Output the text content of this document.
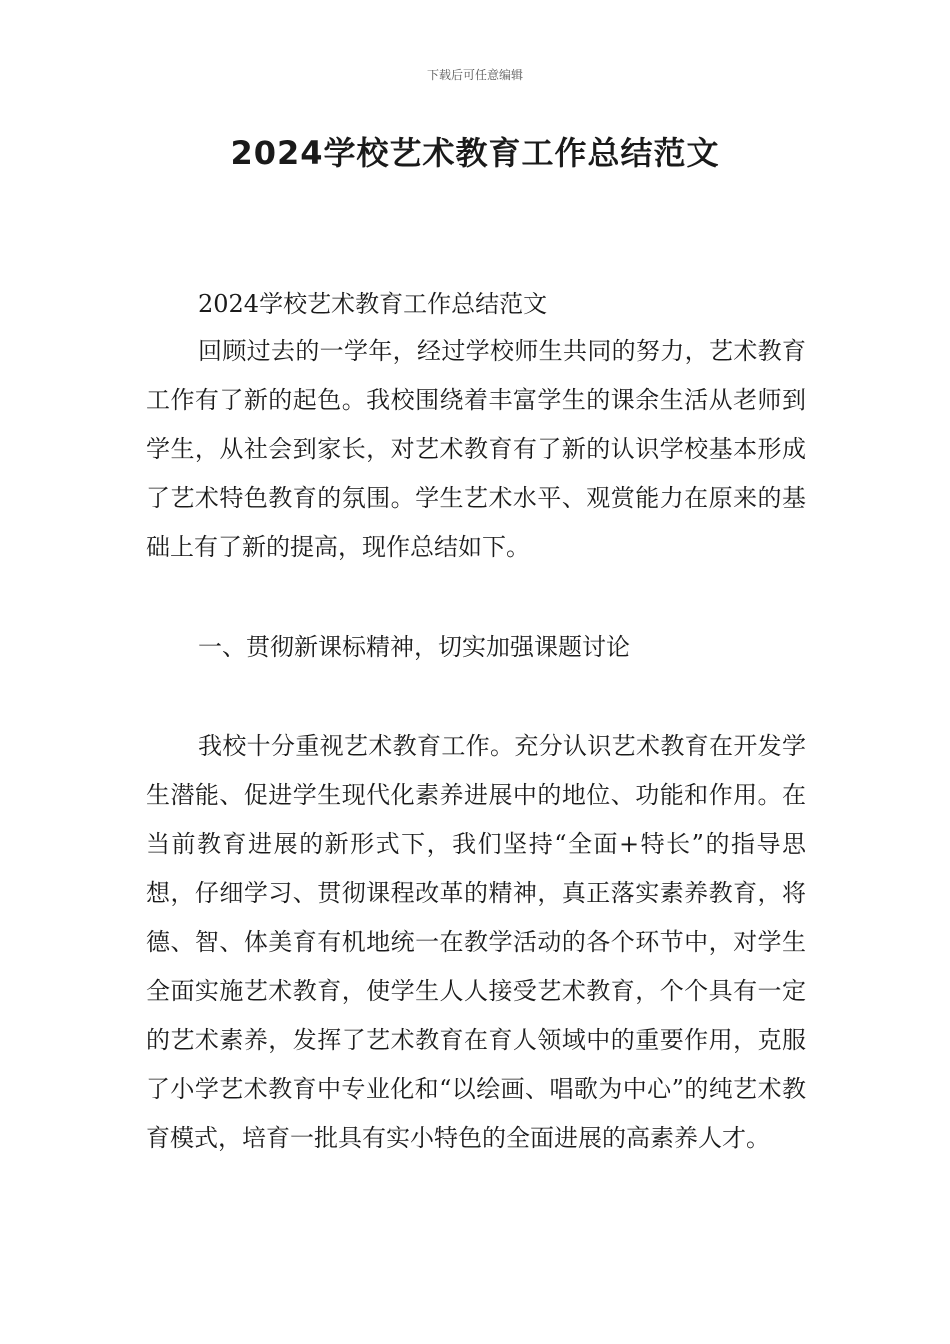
下载后可任意编辑
2024学校艺术教育工作总结范文

2024学校艺术教育工作总结范文

回顾过去的一学年，经过学校师生共同的努力，艺术教育工作有了新的起色。我校围绕着丰富学生的课余生活从老师到学生，从社会到家长，对艺术教育有了新的认识学校基本形成了艺术特色教育的氛围。学生艺术水平、观赏能力在原来的基础上有了新的提高，现作总结如下。

一、贯彻新课标精神，切实加强课题讨论

我校十分重视艺术教育工作。充分认识艺术教育在开发学生潜能、促进学生现代化素养进展中的地位、功能和作用。在当前教育进展的新形式下，我们坚持“全面+特长”的指导思想，仔细学习、贯彻课程改革的精神，真正落实素养教育，将德、智、体美育有机地统一在教学活动的各个环节中，对学生全面实施艺术教育，使学生人人接受艺术教育，个个具有一定的艺术素养，发挥了艺术教育在育人领域中的重要作用，克服了小学艺术教育中专业化和“以绘画、唱歌为中心”的纯艺术教育模式，培育一批具有实小特色的全面进展的高素养人才。
